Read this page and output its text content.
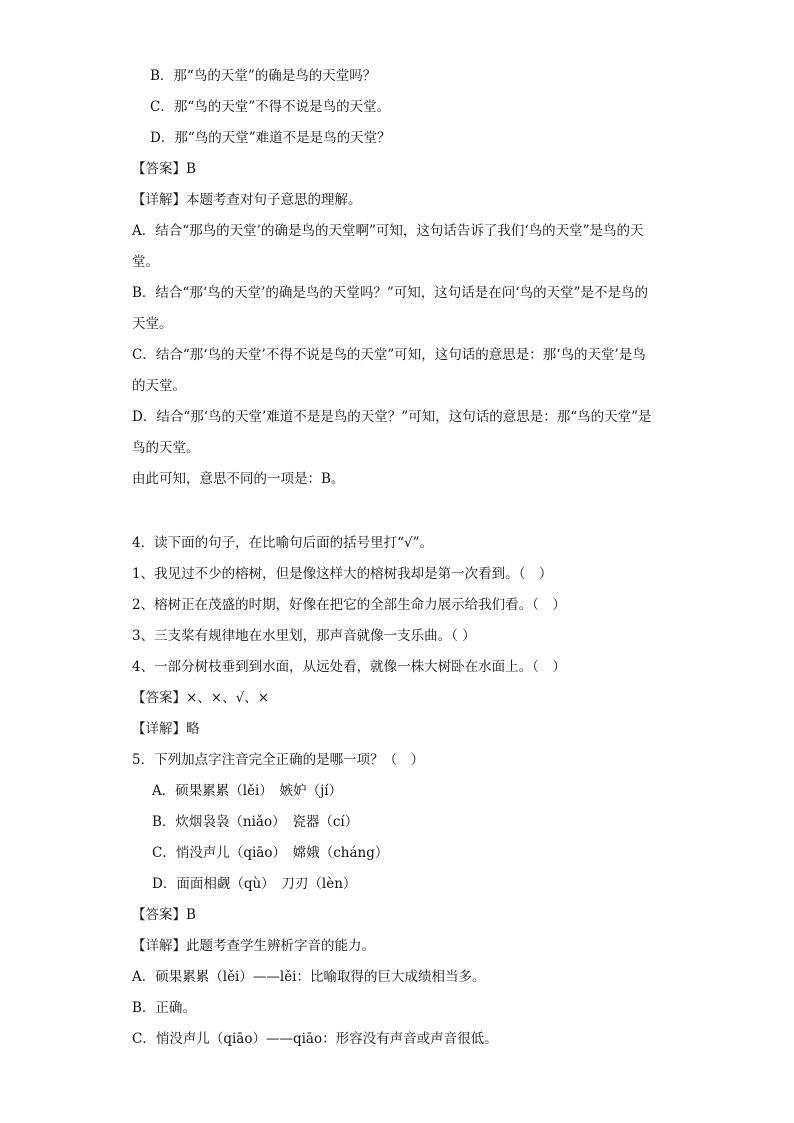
B．那“鸟的天堂”的确是鸟的天堂吗？
C．那“鸟的天堂”不得不说是鸟的天堂。
D．那“鸟的天堂”难道不是是鸟的天堂？
【答案】B
【详解】本题考查对句子意思的理解。
A．结合“那鸟的天堂’的确是鸟的天堂啊”可知，这句话告诉了我们‘鸟的天堂”是鸟的天
堂。
B．结合“那‘鸟的天堂’的确是鸟的天堂吗？”可知，这句话是在问‘鸟的天堂”是不是鸟的
天堂。
C．结合“那‘鸟的天堂’不得不说是鸟的天堂”可知，这句话的意思是：那‘鸟的天堂’是鸟
的天堂。
D．结合“那‘鸟的天堂’难道不是是鸟的天堂？”可知，这句话的意思是：那“鸟的天堂”是
鸟的天堂。
由此可知，意思不同的一项是：B。
4．读下面的句子，在比喻句后面的括号里打“√”。
1、我见过不少的榕树，但是像这样大的榕树我却是第一次看到。（　）
2、榕树正在茂盛的时期，好像在把它的全部生命力展示给我们看。（　）
3、三支桨有规律地在水里划，那声音就像一支乐曲。（ ）
4、一部分树枝垂到到水面，从远处看，就像一株大树卧在水面上。（　）
【答案】×、×、√、×
【详解】略
5．下列加点字注音完全正确的是哪一项？（　）
A．硕果累累（lěi）　嫉妒（jí）
B．炊烟袅袅（niǎo）　瓷器（cí）
C．悄没声儿（qiāo）　嫦娥（cháng）
D．面面相觑（qù）　刀刃（lèn）
【答案】B
【详解】此题考查学生辨析字音的能力。
A．硕果累累（lěi）——lěi：比喻取得的巨大成绩相当多。
B．正确。
C．悄没声儿（qiāo）——qiāo：形容没有声音或声音很低。
